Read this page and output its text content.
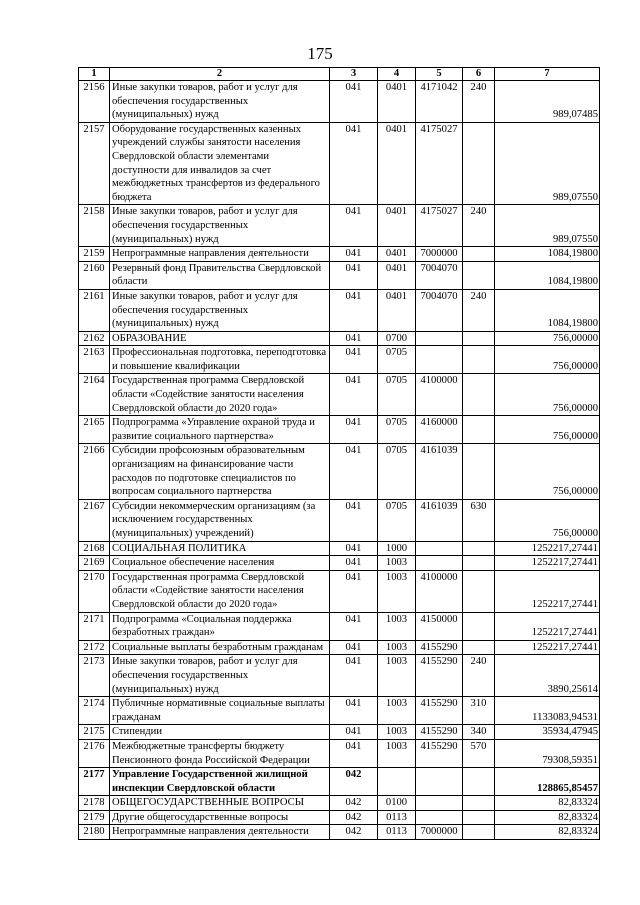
175
1	2	3	4	5	6	7
2156	Иные закупки товаров, работ и услуг для обеспечения государственных (муниципальных) нужд	041	0401	4171042	240	989,07485
2157	Оборудование государственных казенных учреждений службы занятости населения Свердловской области элементами доступности для инвалидов за счет межбюджетных трансфертов из федерального бюджета	041	0401	4175027		989,07550
2158	Иные закупки товаров, работ и услуг для обеспечения государственных (муниципальных) нужд	041	0401	4175027	240	989,07550
2159	Непрограммные направления деятельности	041	0401	7000000		1084,19800
2160	Резервный фонд Правительства Свердловской области	041	0401	7004070		1084,19800
2161	Иные закупки товаров, работ и услуг для обеспечения государственных (муниципальных) нужд	041	0401	7004070	240	1084,19800
2162	ОБРАЗОВАНИЕ	041	0700			756,00000
2163	Профессиональная подготовка, переподготовка и повышение квалификации	041	0705			756,00000
2164	Государственная программа Свердловской области «Содействие занятости населения Свердловской области до 2020 года»	041	0705	4100000		756,00000
2165	Подпрограмма «Управление охраной труда и развитие социального партнерства»	041	0705	4160000		756,00000
2166	Субсидии профсоюзным образовательным организациям на финансирование части расходов по подготовке специалистов по вопросам социального партнерства	041	0705	4161039		756,00000
2167	Субсидии некоммерческим организациям (за исключением государственных (муниципальных) учреждений)	041	0705	4161039	630	756,00000
2168	СОЦИАЛЬНАЯ ПОЛИТИКА	041	1000			1252217,27441
2169	Социальное обеспечение населения	041	1003			1252217,27441
2170	Государственная программа Свердловской области «Содействие занятости населения Свердловской области до 2020 года»	041	1003	4100000		1252217,27441
2171	Подпрограмма «Социальная поддержка безработных граждан»	041	1003	4150000		1252217,27441
2172	Социальные выплаты безработным гражданам	041	1003	4155290		1252217,27441
2173	Иные закупки товаров, работ и услуг для обеспечения государственных (муниципальных) нужд	041	1003	4155290	240	3890,25614
2174	Публичные нормативные социальные выплаты гражданам	041	1003	4155290	310	1133083,94531
2175	Стипендии	041	1003	4155290	340	35934,47945
2176	Межбюджетные трансферты бюджету Пенсионного фонда Российской Федерации	041	1003	4155290	570	79308,59351
2177	Управление Государственной жилищной инспекции Свердловской области	042				128865,85457
2178	ОБЩЕГОСУДАРСТВЕННЫЕ ВОПРОСЫ	042	0100			82,83324
2179	Другие общегосударственные вопросы	042	0113			82,83324
2180	Непрограммные направления деятельности	042	0113	7000000		82,83324
